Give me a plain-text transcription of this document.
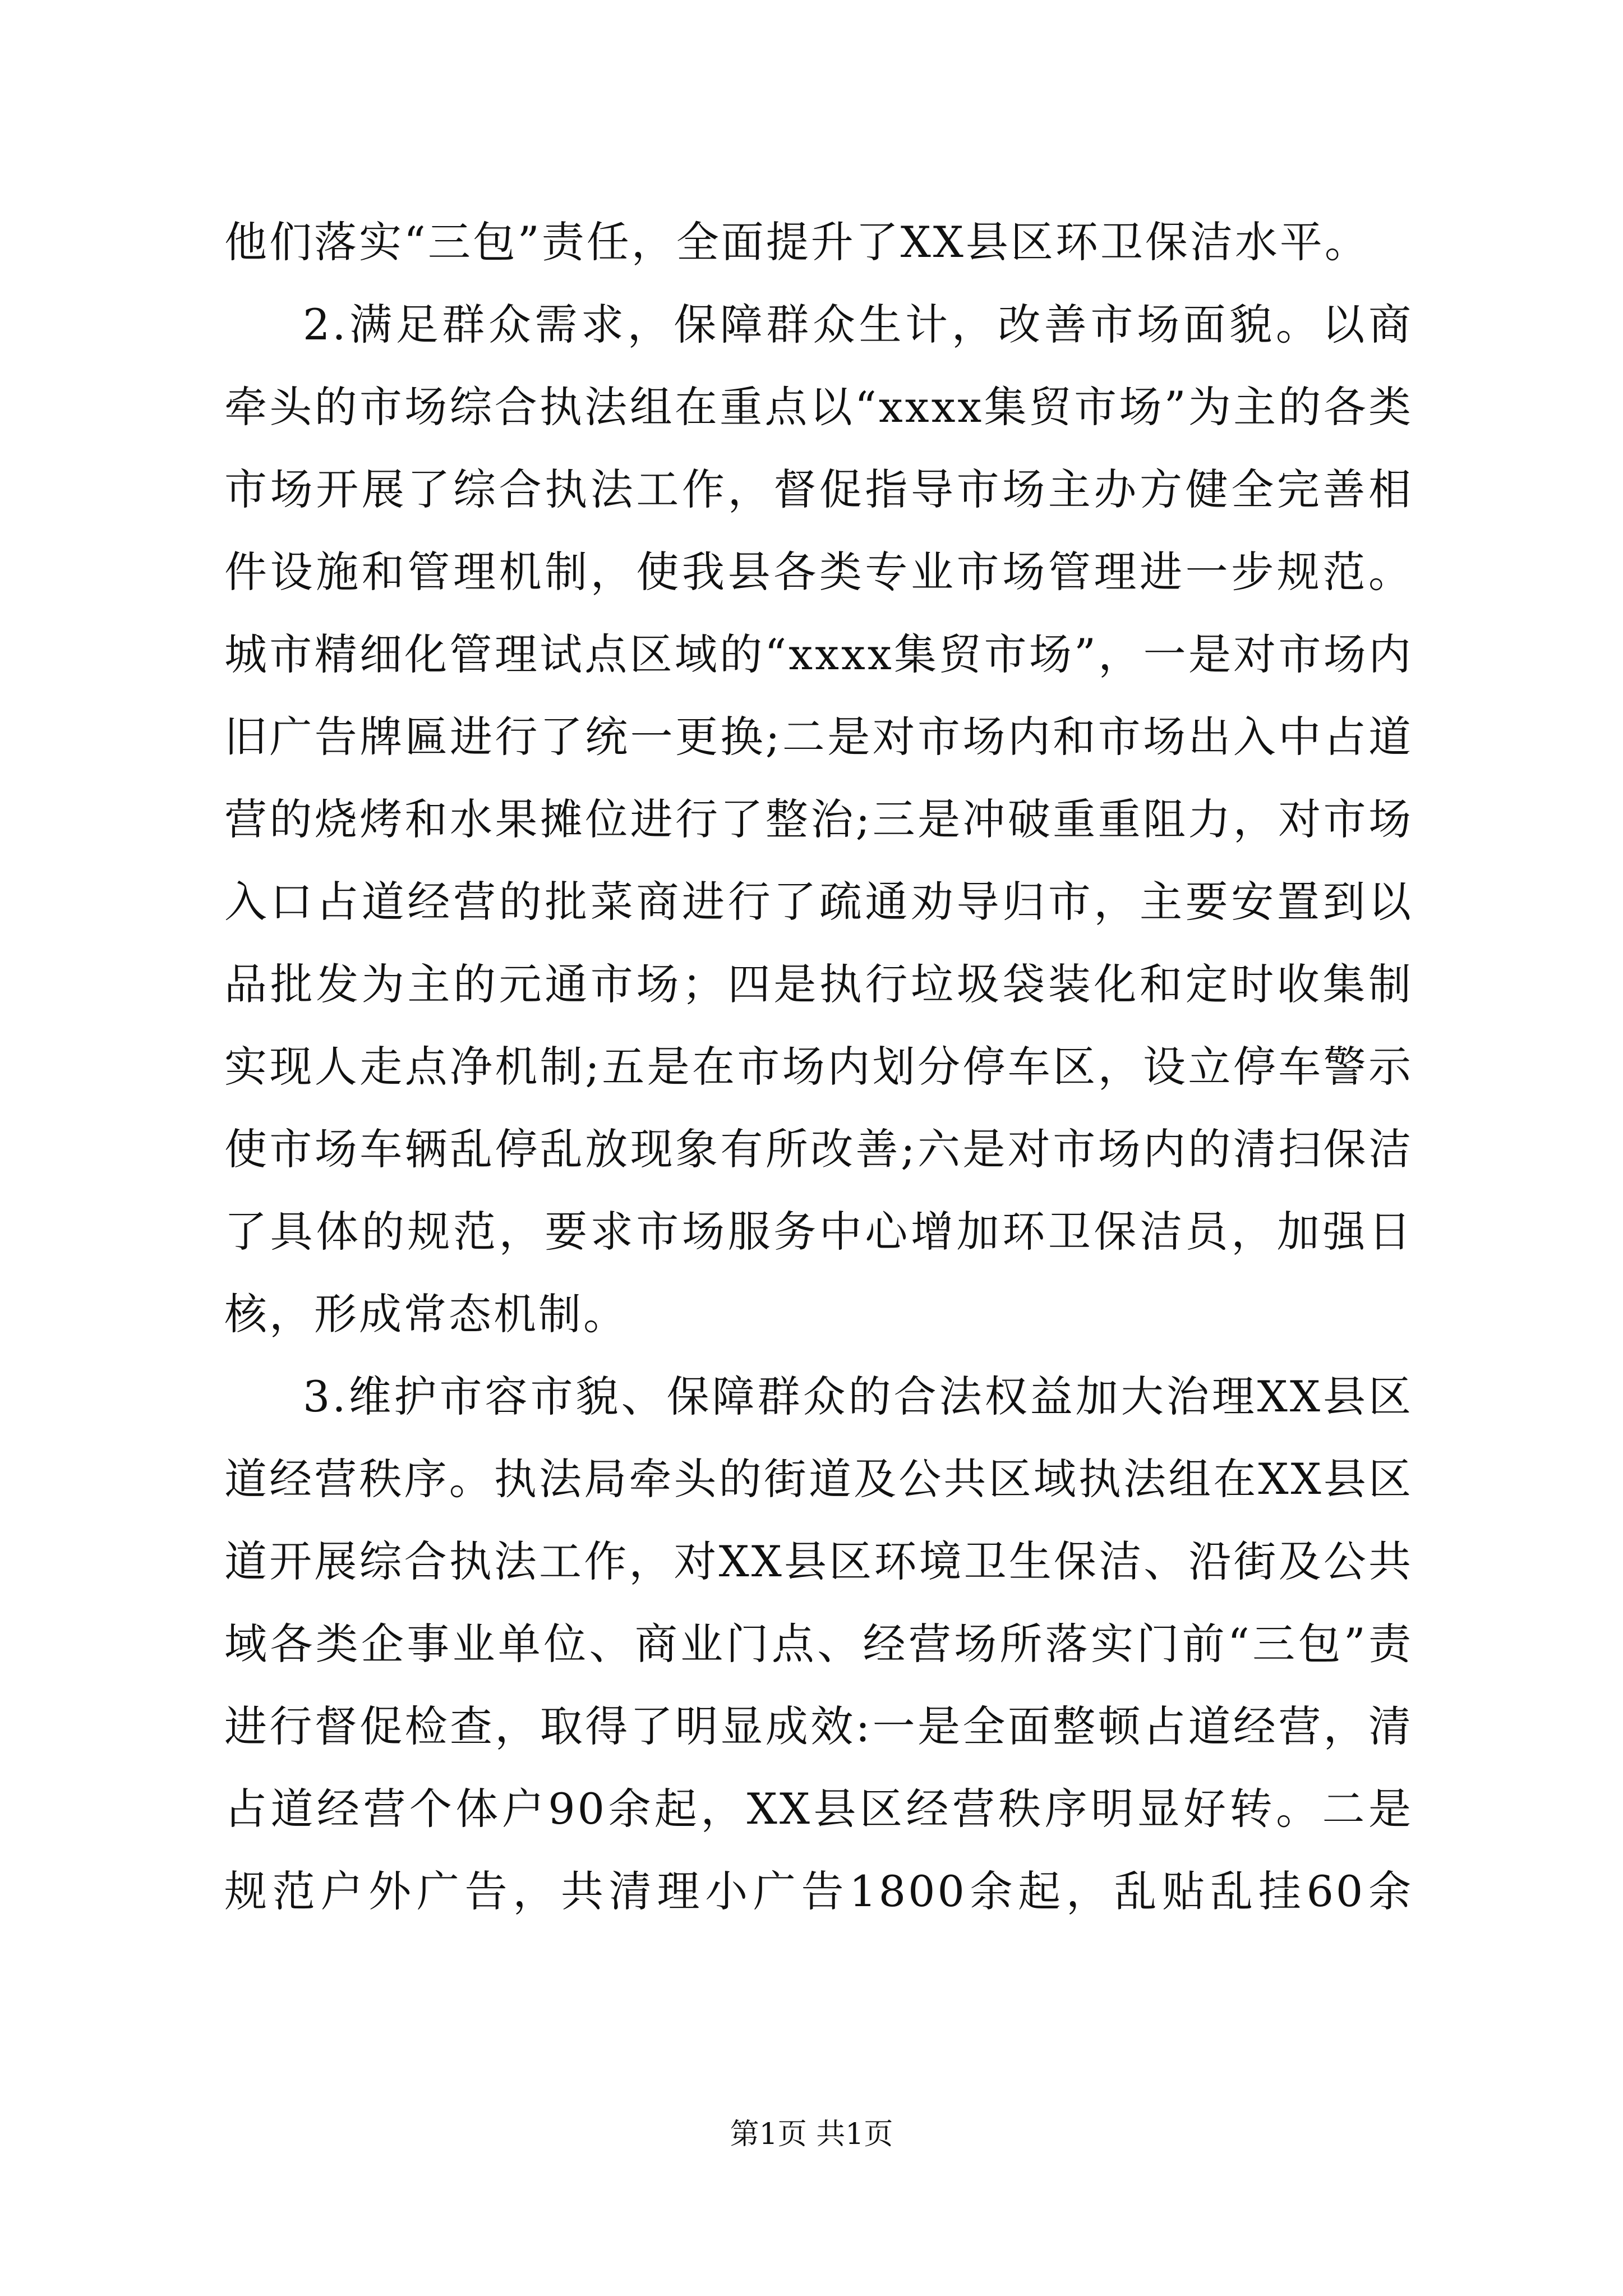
他们落实“三包”责任，全面提升了XX县区环卫保洁水平。
2.满足群众需求，保障群众生计，改善市场面貌。以商
牵头的市场综合执法组在重点以“xxxx集贸市场”为主的各类
市场开展了综合执法工作，督促指导市场主办方健全完善相
件设施和管理机制，使我县各类专业市场管理进一步规范。
城市精细化管理试点区域的“xxxx集贸市场”，一是对市场内
旧广告牌匾进行了统一更换;二是对市场内和市场出入中占道
营的烧烤和水果摊位进行了整治;三是冲破重重阻力，对市场
入口占道经营的批菜商进行了疏通劝导归市，主要安置到以
品批发为主的元通市场；四是执行垃圾袋装化和定时收集制
实现人走点净机制;五是在市场内划分停车区，设立停车警示
使市场车辆乱停乱放现象有所改善;六是对市场内的清扫保洁
了具体的规范，要求市场服务中心增加环卫保洁员，加强日
核，形成常态机制。
3.维护市容市貌、保障群众的合法权益加大治理XX县区
道经营秩序。执法局牵头的街道及公共区域执法组在XX县区
道开展综合执法工作，对XX县区环境卫生保洁、沿街及公共
域各类企事业单位、商业门点、经营场所落实门前“三包”责
进行督促检查，取得了明显成效:一是全面整顿占道经营，清
占道经营个体户90余起，XX县区经营秩序明显好转。二是
规范户外广告，共清理小广告1800余起，乱贴乱挂60余
第1页 共1页
